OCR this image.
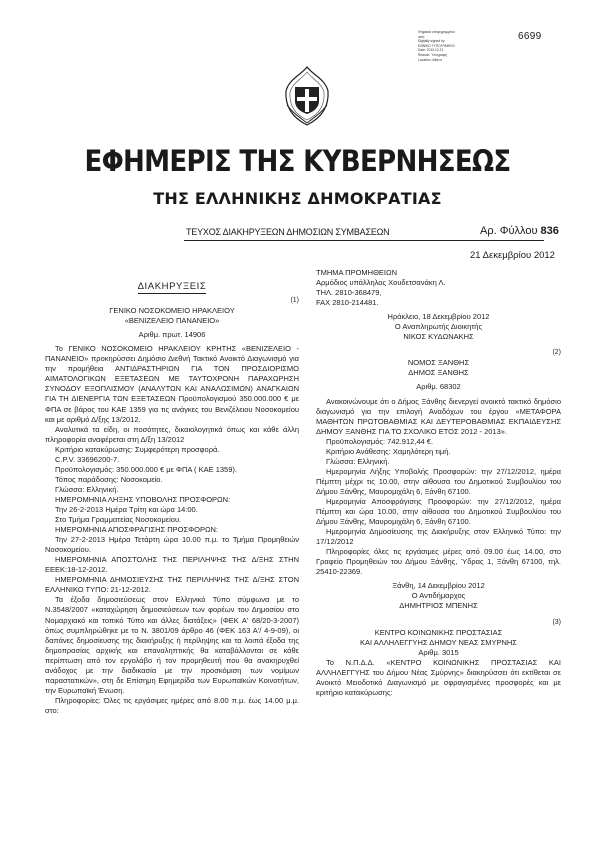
Ψηφιακά υπογεγραμμένο
από:
Digitally signed by
ΕΘΝΙΚΟ ΤΥΠΟΓΡΑΦΕΙΟ
Date: 2012.12.21
Reason: Υπογραφή
Location: Αθήνα
6699
ΕΦΗΜΕΡΙΣ ΤΗΣ ΚΥΒΕΡΝΗΣΕΩΣ
ΤΗΣ ΕΛΛΗΝΙΚΗΣ ΔΗΜΟΚΡΑΤΙΑΣ
ΤΕΥΧΟΣ ΔΙΑΚΗΡΥΞΕΩΝ ΔΗΜΟΣΙΩΝ ΣΥΜΒΑΣΕΩΝ	Αρ. Φύλλου 836
21 Δεκεμβρίου 2012
ΔΙΑΚΗΡΥΞΕΙΣ
(1)
ΓΕΝΙΚΟ ΝΟΣΟΚΟΜΕΙΟ ΗΡΑΚΛΕΙΟΥ
«ΒΕΝΙΖΕΛΕΙΟ ΠΑΝΑΝΕΙΟ»
Αριθμ. πρωτ. 14906
Το ΓΕΝΙΚΟ ΝΟΣΟΚΟΜΕΙΟ ΗΡΑΚΛΕΙΟΥ ΚΡΗΤΗΣ «ΒΕΝΙΖΕΛΕΙΟ - ΠΑΝΑΝΕΙΟ» προκηρύσσει Δημόσιο Διεθνή Τακτικό Ανοικτό Διαγωνισμό για την προμήθεια ΑΝΤΙΔΡΑΣΤΗΡΙΩΝ ΓΙΑ ΤΟΝ ΠΡΟΣΔΙΟΡΙΣΜΟ ΑΙΜΑΤΟΛΟΓΙΚΩΝ ΕΞΕΤΑΣΕΩΝ ΜΕ ΤΑΥΤΟΧΡΟΝΗ ΠΑΡΑΧΩΡΗΣΗ ΣΥΝΟΔΟΥ ΕΞΟΠΛΙΣΜΟΥ (ΑΝΑΛΥΤΩΝ ΚΑΙ ΑΝΑΛΩΣΙΜΩΝ) ΑΝΑΓΚΑΙΩΝ ΓΙΑ ΤΗ ΔΙΕΝΕΡΓΙΑ ΤΩΝ ΕΞΕΤΑΣΕΩΝ Προϋπολογισμού 350.000.000 € με ΦΠΑ σε βάρος του ΚΑΕ 1359 για τις ανάγκες του Βενιζέλειου Νοσοκομείου και με αριθμό Δ/ξης 13/2012.
Αναλυτικά τα είδη, οι ποσότητες, δικαιολογητικά όπως και κάθε άλλη πληροφορία αναφέρεται στη Δ/ξη 13/2012
Κριτήριο κατακύρωσης: Συμφερότερη προσφορά.
C.P.V. 33696200-7.
Προϋπολογισμός: 350.000.000 € με ΦΠΑ ( ΚΑΕ 1359).
Τόπος παράδοσης: Νοσοκομείο.
Γλώσσα: Ελληνική.
ΗΜΕΡΟΜΗΝΙΑ ΛΗΞΗΣ ΥΠΟΒΟΛΗΣ ΠΡΟΣΦΟΡΩΝ:
Την 26-2-2013 Ημέρα Τρίτη και ώρα 14:00.
Στο Τμήμα Γραμματείας Νοσοκομείου.
ΗΜΕΡΟΜΗΝΙΑ ΑΠΟΣΦΡΑΓΙΣΗΣ ΠΡΟΣΦΟΡΩΝ:
Την 27-2-2013 Ημέρα Τετάρτη ώρα 10.00 π.μ. το Τμήμα Προμηθειών Νοσοκομείου.
ΗΜΕΡΟΜΗΝΙΑ ΑΠΟΣΤΟΛΗΣ ΤΗΣ ΠΕΡΙΛΗΨΗΣ ΤΗΣ Δ/ΞΗΣ ΣΤΗΝ ΕΕΕΚ:18-12-2012.
ΗΜΕΡΟΜΗΝΙΑ ΔΗΜΟΣΙΕΥΣΗΣ ΤΗΣ ΠΕΡΙΛΗΨΗΣ ΤΗΣ Δ/ΞΗΣ ΣΤΟΝ ΕΛΛΗΝΙΚΟ ΤΥΠΟ: 21-12-2012.
Τα έξοδα δημοσιεύσεως στον Ελληνικό Τύπο σύμφωνα με το Ν.3548/2007 «καταχώρηση δημοσιεύσεων των φορέων του Δημοσίου στο Νομαρχιακό και τοπικό Τύπο και άλλες διατάξεις» (ΦΕΚ Α' 68/20-3-2007) όπως συμπληρώθηκε με το Ν. 3801/09 άρθρο 46 (ΦΕΚ 163 Α'/ 4-9-09), οι δαπάνες δημοσίευσης της διακήρυξης ή περίληψης και τα λοιπά έξοδα της δημοπρασίας αρχικής και επαναληπτικής θα καταβάλλονται σε κάθε περίπτωση από τον εργολάβο ή τον προμηθευτή που θα ανακηρυχθεί ανάδοχος με την διαδικασία με την προσκόμιση των νομίμων παραστατικών», στη δε Επίσημη Εφημερίδα των Ευρωπαϊκών Κοινοτήτων, την Ευρωπαϊκή Ένωση.
Πληροφορίες: Όλες τις εργάσιμες ημέρες από 8.00 π.μ. έως 14.00 μ.μ. στο:
ΤΜΗΜΑ ΠΡΟΜΗΘΕΙΩΝ
Αρμόδιος υπάλληλος Χουδετσανάκη Λ.
ΤΗΛ. 2810-368479,
FAX 2810-214481.
Ηράκλειο, 18 Δεκεμβρίου 2012
Ο Αναπληρωτής Διοικητής
ΝΙΚΟΣ ΚΥΔΩΝΑΚΗΣ
(2)
ΝΟΜΟΣ ΞΑΝΘΗΣ
ΔΗΜΟΣ ΞΑΝΘΗΣ
Αριθμ. 68302
Ανακοινώνουμε ότι ο Δήμος Ξάνθης διενεργεί ανοικτό τακτικό δημόσιο διαγωνισμό για την επιλογή Αναδόχων του έργου «ΜΕΤΑΦΟΡΑ ΜΑΘΗΤΩΝ ΠΡΩΤΟΒΑΘΜΙΑΣ ΚΑΙ ΔΕΥΤΕΡΟΒΑΘΜΙΑΣ ΕΚΠΑΙΔΕΥΣΗΣ ΔΗΜΟΥ ΞΑΝΘΗΣ ΓΙΑ ΤΟ ΣΧΟΛΙΚΟ ΕΤΟΣ 2012 - 2013».
Προϋπολογισμός: 742.912,44 €.
Κριτήριο Ανάθεσης: Χαμηλότερη τιμή.
Γλώσσα: Ελληνική.
Ημερομηνία Λήξης Υποβολής Προσφορών: την 27/12/2012, ημέρα Πέμπτη μέχρι τις 10.00, στην αίθουσα του Δημοτικού Συμβουλίου του Δήμου Ξάνθης, Μαυρομιχάλη 6, Ξάνθη 67100.
Ημερομηνία Αποσφράγισης Προσφορών: την 27/12/2012, ημέρα Πέμπτη και ώρα 10.00, στην αίθουσα του Δημοτικού Συμβουλίου του Δήμου Ξάνθης, Μαυρομιχάλη 6, Ξάνθη 67100.
Ημερομηνία Δημοσίευσης της Διακήρυξης στον Ελληνικό Τύπο: την 17/12/2012
Πληροφορίες όλες τις εργάσιμες μέρες από 09.00 έως 14.00, στο Γραφείο Προμηθειών του Δήμου Ξάνθης, Ύδρας 1, Ξάνθη 67100, τηλ. 25410-22369.
Ξάνθη, 14 Δεκεμβρίου 2012
Ο Αντιδήμαρχος
ΔΗΜΗΤΡΙΟΣ ΜΠΕΝΗΣ
(3)
ΚΕΝΤΡΟ ΚΟΙΝΩΝΙΚΗΣ ΠΡΟΣΤΑΣΙΑΣ
ΚΑΙ ΑΛΛΗΛΕΓΓΥΗΣ ΔΗΜΟΥ ΝΕΑΣ ΣΜΥΡΝΗΣ
Αριθμ. 3015
Το Ν.Π.Δ.Δ. «ΚΕΝΤΡΟ ΚΟΙΝΩΝΙΚΗΣ ΠΡΟΣΤΑΣΙΑΣ ΚΑΙ ΑΛΛΗΛΕΓΓΥΗΣ του Δήμου Νέας Σμύρνης» διακηρύσσει ότι εκτίθεται σε Ανοικτό Μειοδοτικό Διαγωνισμό με σφραγισμένες προσφορές και με κριτήριο κατακύρωσης:
